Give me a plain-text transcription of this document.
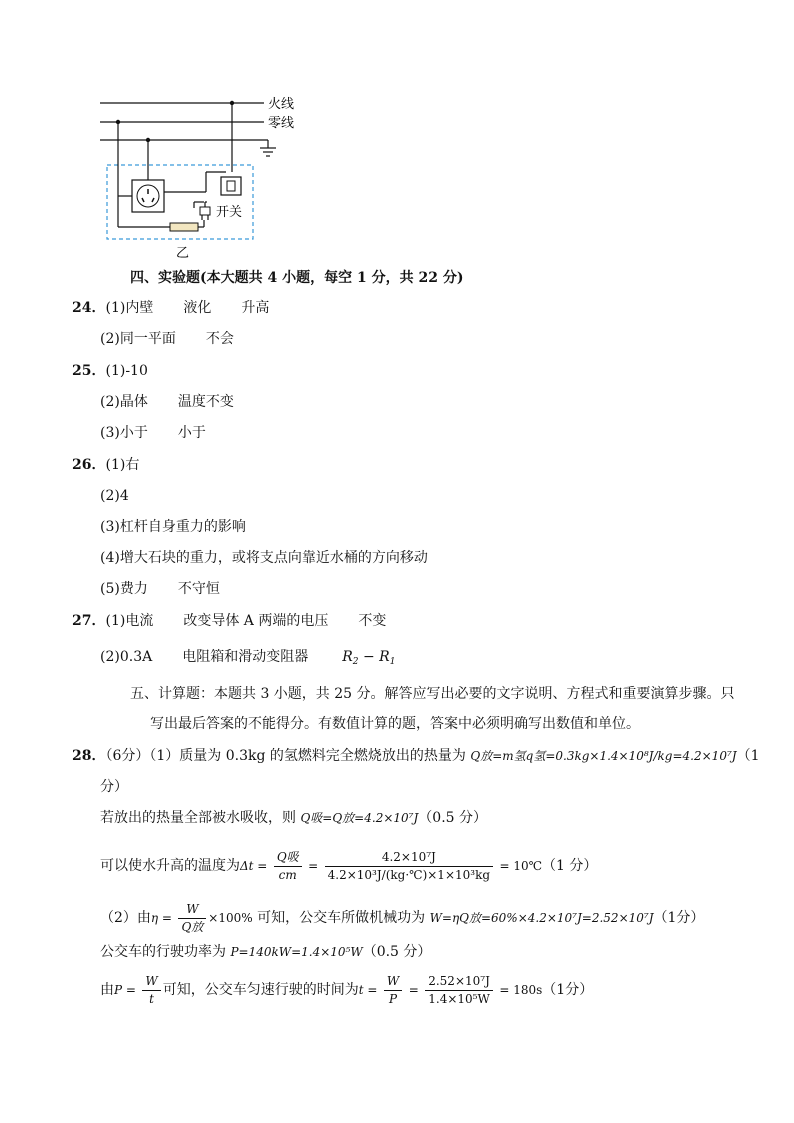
火线
零线
开关
乙
四、实验题(本大题共 4 小题，每空 1 分，共 22 分)
24．(1)内壁 液化 升高
(2)同一平面 不会
25．(1)-10
(2)晶体 温度不变
(3)小于 小于
26．(1)右
(2)4
(3)杠杆自身重力的影响
(4)增大石块的重力，或将支点向靠近水桶的方向移动
(5)费力 不守恒
27．(1)电流 改变导体 A 两端的电压 不变
(2)0.3A 电阻箱和滑动变阻器 $R_2 - R_1$
五、计算题：本题共 3 小题，共 25 分。解答应写出必要的文字说明、方程式和重要演算步骤。只
写出最后答案的不能得分。有数值计算的题，答案中必须明确写出数值和单位。
28．（6分）（1）质量为 0.3kg 的氢燃料完全燃烧放出的热量为 Q放=m氢q氢=0.3kg×1.4×10⁸J/kg=4.2×10⁷J（1
分）
若放出的热量全部被水吸收，则 Q吸=Q放=4.2×10⁷J（0.5 分）
可以使水升高的温度为$\Delta t = \frac{\text{Q吸}}{cm} = \frac{\text{4.2×10⁷J}}{\text{4.2×10³J/(kg·℃)×1×10³kg}}$ = 10℃（1 分）
（2）由$\eta = \frac{W}{\text{Q放}} \times 100\%$ 可知，公交车所做机械功为 W=ηQ放=60%×4.2×10⁷J=2.52×10⁷J（1分）
公交车的行驶功率为 P=140kW=1.4×10⁵W（0.5 分）
由$P = \frac{W}{t}$ 可知，公交车匀速行驶的时间为$t = \frac{W}{P} = \frac{\text{2.52×10⁷J}}{\text{1.4×10⁵W}} = 180s(1$分）
